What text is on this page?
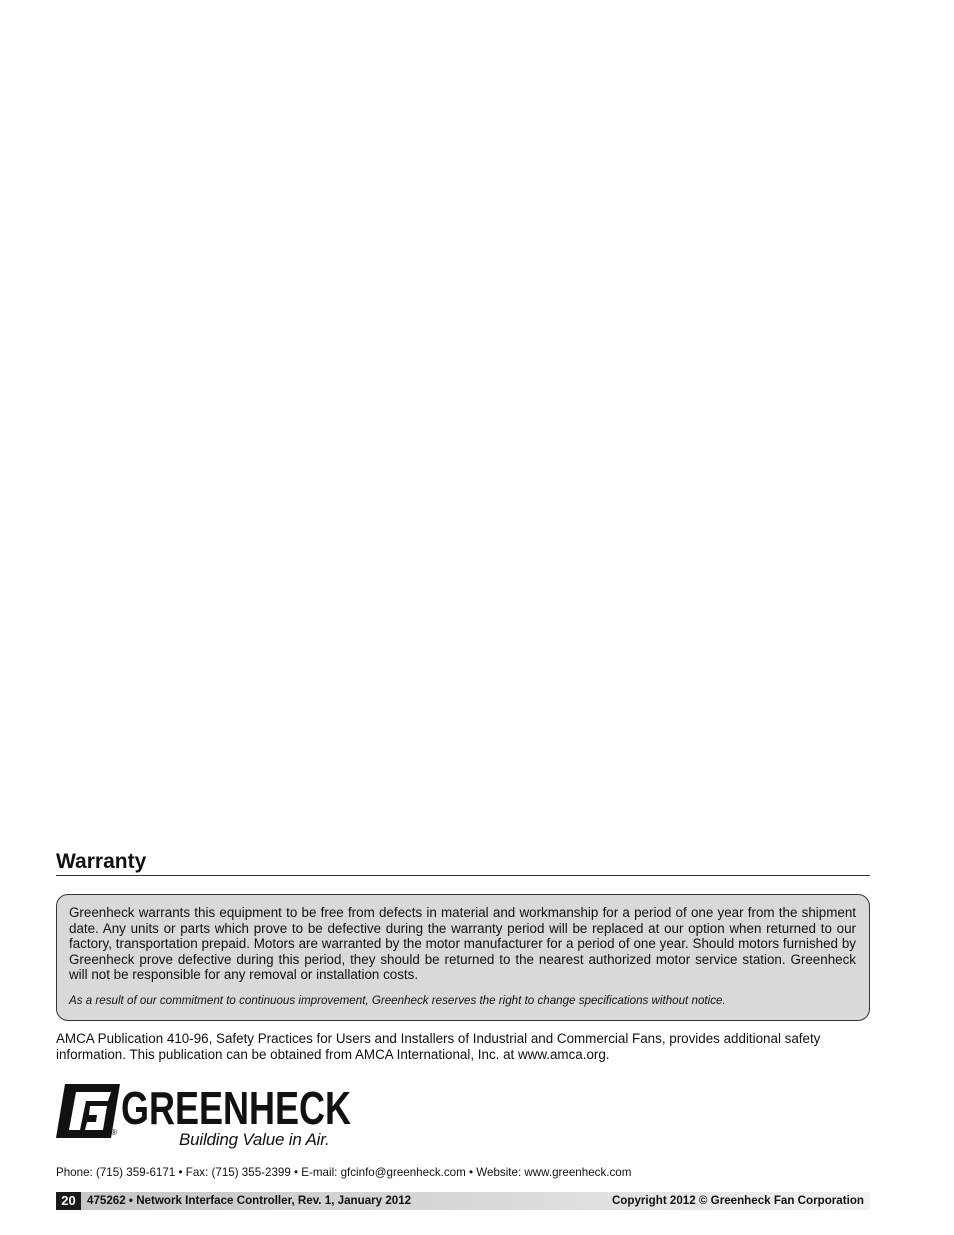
Warranty

Greenheck warrants this equipment to be free from defects in material and workmanship for a period of one year from the shipment date. Any units or parts which prove to be defective during the warranty period will be replaced at our option when returned to our factory, transportation prepaid. Motors are warranted by the motor manufacturer for a period of one year. Should motors furnished by Greenheck prove defective during this period, they should be returned to the nearest authorized motor service station. Greenheck will not be responsible for any removal or installation costs.

As a result of our commitment to continuous improvement, Greenheck reserves the right to change specifications without notice.

AMCA Publication 410-96, Safety Practices for Users and Installers of Industrial and Commercial Fans, provides additional safety information. This publication can be obtained from AMCA International, Inc. at www.amca.org.

GREENHECK
®	Building Value in Air.
Phone: (715) 359-6171 • Fax: (715) 355-2399 • E-mail: gfcinfo@greenheck.com • Website: www.greenheck.com
20 475262 • Network Interface Controller, Rev. 1, January 2012	Copyright 2012 © Greenheck Fan Corporation
